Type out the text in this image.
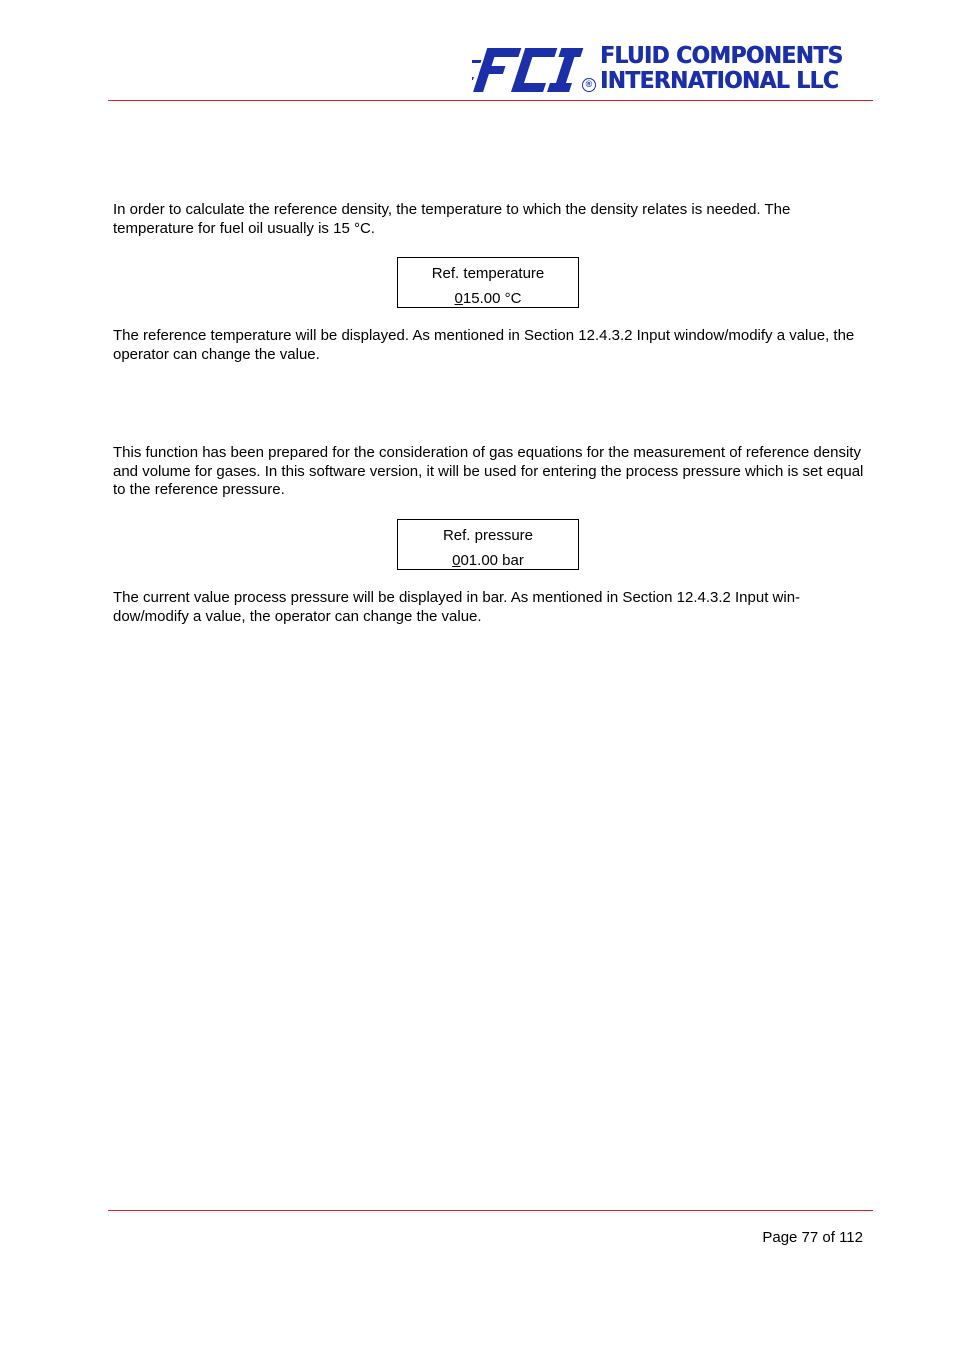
®
FLUID COMPONENTS
INTERNATIONAL LLC

In order to calculate the reference density, the temperature to which the density relates is needed. The temperature for fuel oil usually is 15 °C.

Ref. temperature
015.00 °C

The reference temperature will be displayed. As mentioned in Section 12.4.3.2 Input window/modify a value, the operator can change the value.

This function has been prepared for the consideration of gas equations for the measurement of reference density and volume for gases. In this software version, it will be used for entering the process pressure which is set equal to the reference pressure.

Ref. pressure
001.00 bar

The current value process pressure will be displayed in bar. As mentioned in Section 12.4.3.2 Input win-dow/modify a value, the operator can change the value.

Page 77 of 112
